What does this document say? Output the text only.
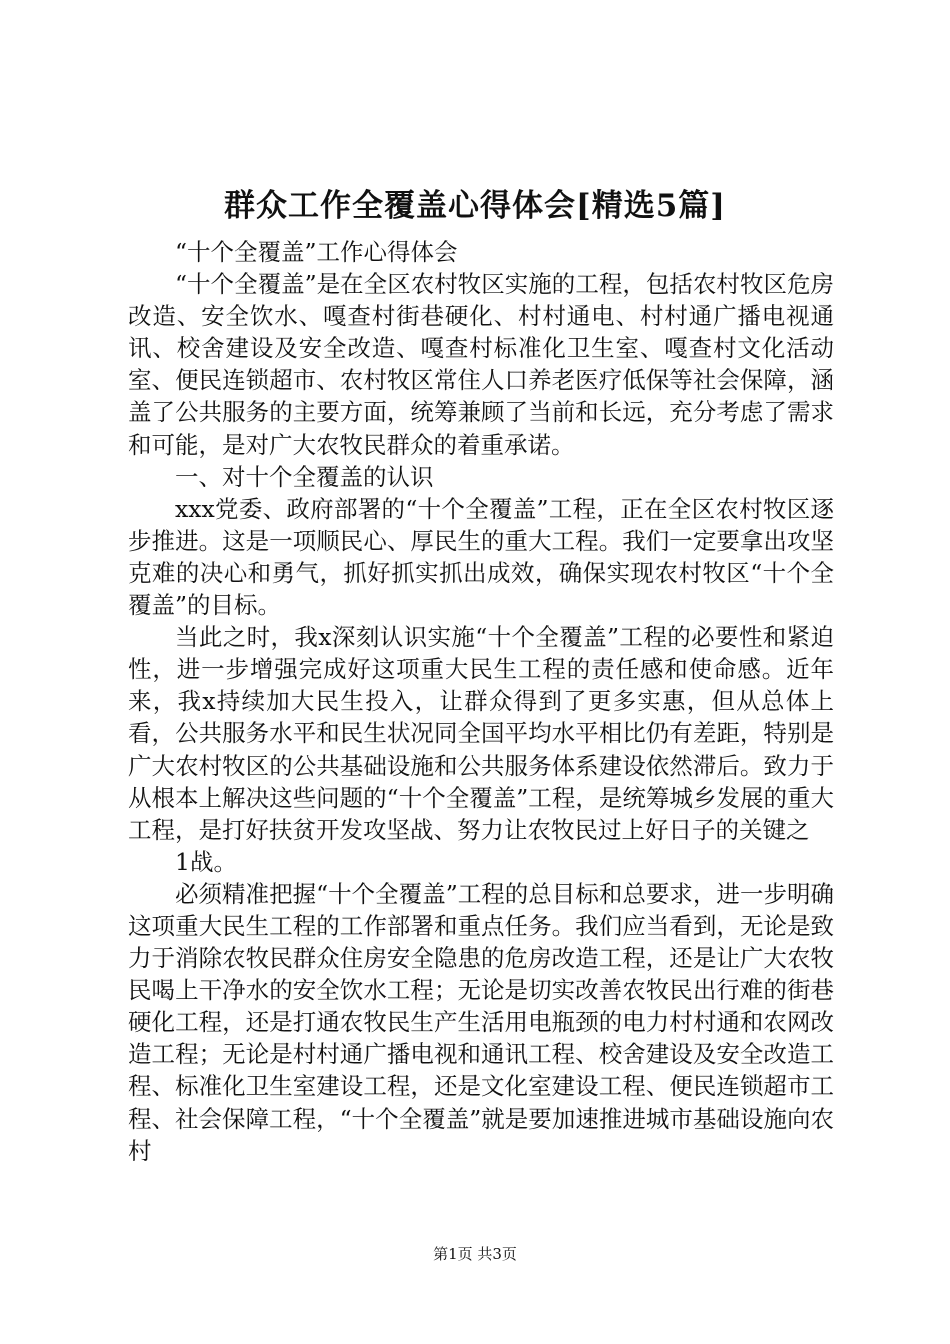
群众工作全覆盖心得体会[精选5篇]

“十个全覆盖”工作心得体会

“十个全覆盖”是在全区农村牧区实施的工程，包括农村牧区危房改造、安全饮水、嘎查村街巷硬化、村村通电、村村通广播电视通讯、校舍建设及安全改造、嘎查村标准化卫生室、嘎查村文化活动室、便民连锁超市、农村牧区常住人口养老医疗低保等社会保障，涵盖了公共服务的主要方面，统筹兼顾了当前和长远，充分考虑了需求和可能，是对广大农牧民群众的着重承诺。

一、对十个全覆盖的认识

xxx党委、政府部署的“十个全覆盖”工程，正在全区农村牧区逐步推进。这是一项顺民心、厚民生的重大工程。我们一定要拿出攻坚克难的决心和勇气，抓好抓实抓出成效，确保实现农村牧区“十个全覆盖”的目标。

当此之时，我x深刻认识实施“十个全覆盖”工程的必要性和紧迫性，进一步增强完成好这项重大民生工程的责任感和使命感。近年来，我x持续加大民生投入，让群众得到了更多实惠，但从总体上看，公共服务水平和民生状况同全国平均水平相比仍有差距，特别是广大农村牧区的公共基础设施和公共服务体系建设依然滞后。致力于从根本上解决这些问题的“十个全覆盖”工程，是统筹城乡发展的重大工程，是打好扶贫开发攻坚战、努力让农牧民过上好日子的关键之

1战。

必须精准把握“十个全覆盖”工程的总目标和总要求，进一步明确这项重大民生工程的工作部署和重点任务。我们应当看到，无论是致力于消除农牧民群众住房安全隐患的危房改造工程，还是让广大农牧民喝上干净水的安全饮水工程；无论是切实改善农牧民出行难的街巷硬化工程，还是打通农牧民生产生活用电瓶颈的电力村村通和农网改造工程；无论是村村通广播电视和通讯工程、校舍建设及安全改造工程、标准化卫生室建设工程，还是文化室建设工程、便民连锁超市工程、社会保障工程，“十个全覆盖”就是要加速推进城市基础设施向农村

第1页 共3页
